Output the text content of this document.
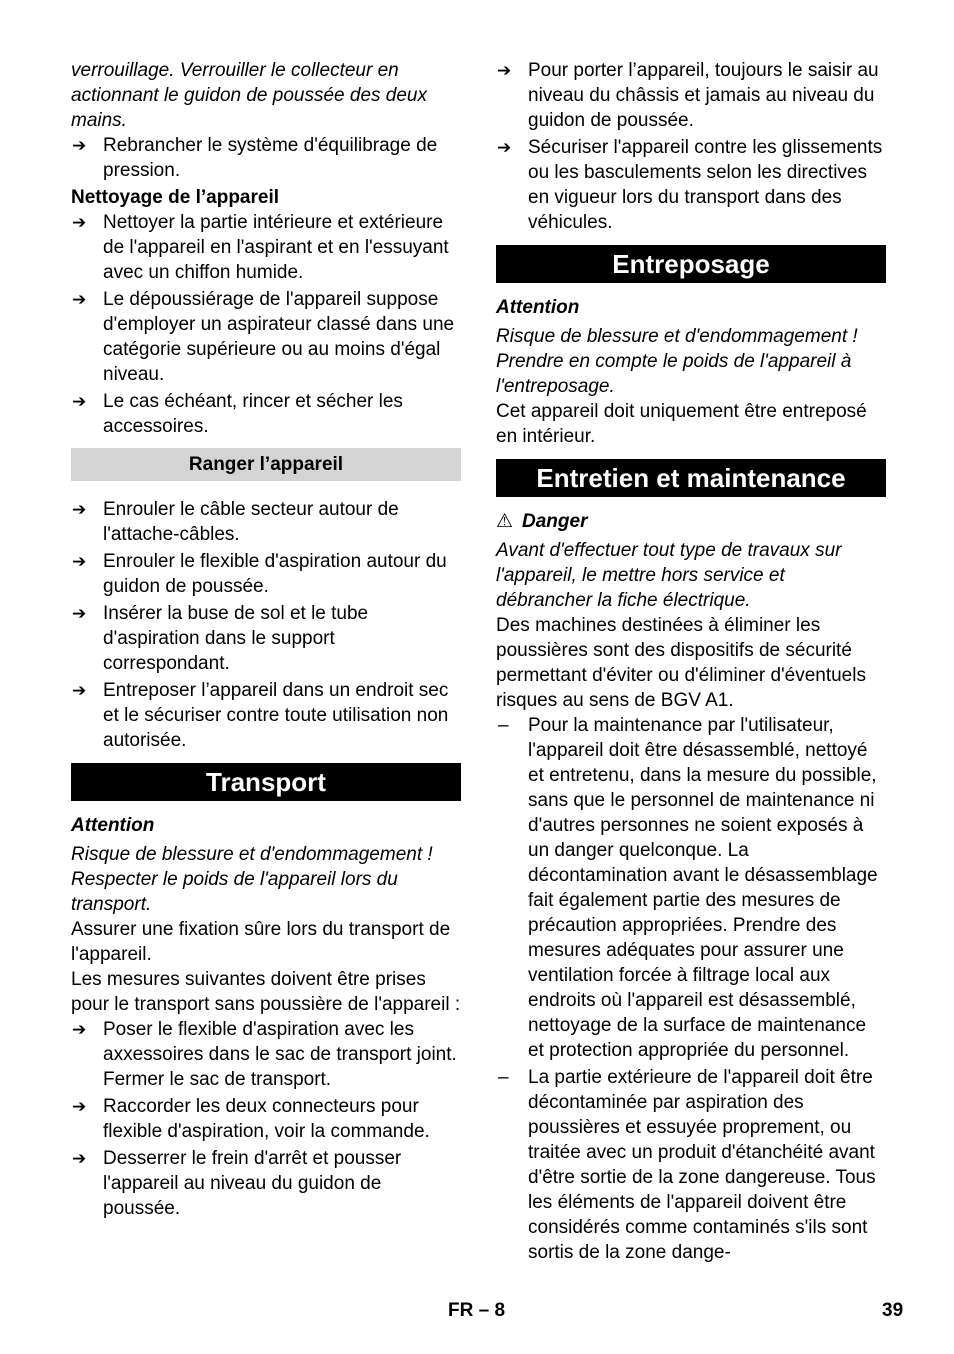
verrouillage. Verrouiller le collecteur en actionnant le guidon de poussée des deux mains.

➔ Rebrancher le système d'équilibrage de pression.

Nettoyage de l’appareil

➔ Nettoyer la partie intérieure et extérieure de l'appareil en l'aspirant et en l'essuyant avec un chiffon humide.
➔ Le dépoussiérage de l'appareil suppose d'employer un aspirateur classé dans une catégorie supérieure ou au moins d'égal niveau.
➔ Le cas échéant, rincer et sécher les accessoires.
Ranger l’appareil
➔ Enrouler le câble secteur autour de l'attache-câbles.
➔ Enrouler le flexible d'aspiration autour du guidon de poussée.
➔ Insérer la buse de sol et le tube d'aspiration dans le support correspondant.
➔ Entreposer l’appareil dans un endroit sec et le sécuriser contre toute utilisation non autorisée.
Transport

Attention

Risque de blessure et d'endommagement ! Respecter le poids de l'appareil lors du transport.

Assurer une fixation sûre lors du transport de l'appareil.

Les mesures suivantes doivent être prises pour le transport sans poussière de l'appareil :

➔ Poser le flexible d'aspiration avec les axxessoires dans le sac de transport joint. Fermer le sac de transport.
➔ Raccorder les deux connecteurs pour flexible d'aspiration, voir la commande.
➔ Desserrer le frein d'arrêt et pousser l'appareil au niveau du guidon de poussée.
➔ Pour porter l’appareil, toujours le saisir au niveau du châssis et jamais au niveau du guidon de poussée.
➔ Sécuriser l'appareil contre les glissements ou les basculements selon les directives en vigueur lors du transport dans des véhicules.
Entreposage

Attention

Risque de blessure et d'endommagement ! Prendre en compte le poids de l'appareil à l'entreposage.

Cet appareil doit uniquement être entreposé en intérieur.

Entretien et maintenance

⚠ Danger

Avant d'effectuer tout type de travaux sur l'appareil, le mettre hors service et débrancher la fiche électrique.

Des machines destinées à éliminer les poussières sont des dispositifs de sécurité permettant d'éviter ou d'éliminer d'éventuels risques au sens de BGV A1.

– Pour la maintenance par l'utilisateur, l'appareil doit être désassemblé, nettoyé et entretenu, dans la mesure du possible, sans que le personnel de maintenance ni d'autres personnes ne soient exposés à un danger quelconque. La décontamination avant le désassemblage fait également partie des mesures de précaution appropriées. Prendre des mesures adéquates pour assurer une ventilation forcée à filtrage local aux endroits où l'appareil est désassemblé, nettoyage de la surface de maintenance et protection appropriée du personnel.
– La partie extérieure de l'appareil doit être décontaminée par aspiration des poussières et essuyée proprement, ou traitée avec un produit d'étanchéité avant d'être sortie de la zone dangereuse. Tous les éléments de l'appareil doivent être considérés comme contaminés s'ils sont sortis de la zone dange-
FR – 8	39
